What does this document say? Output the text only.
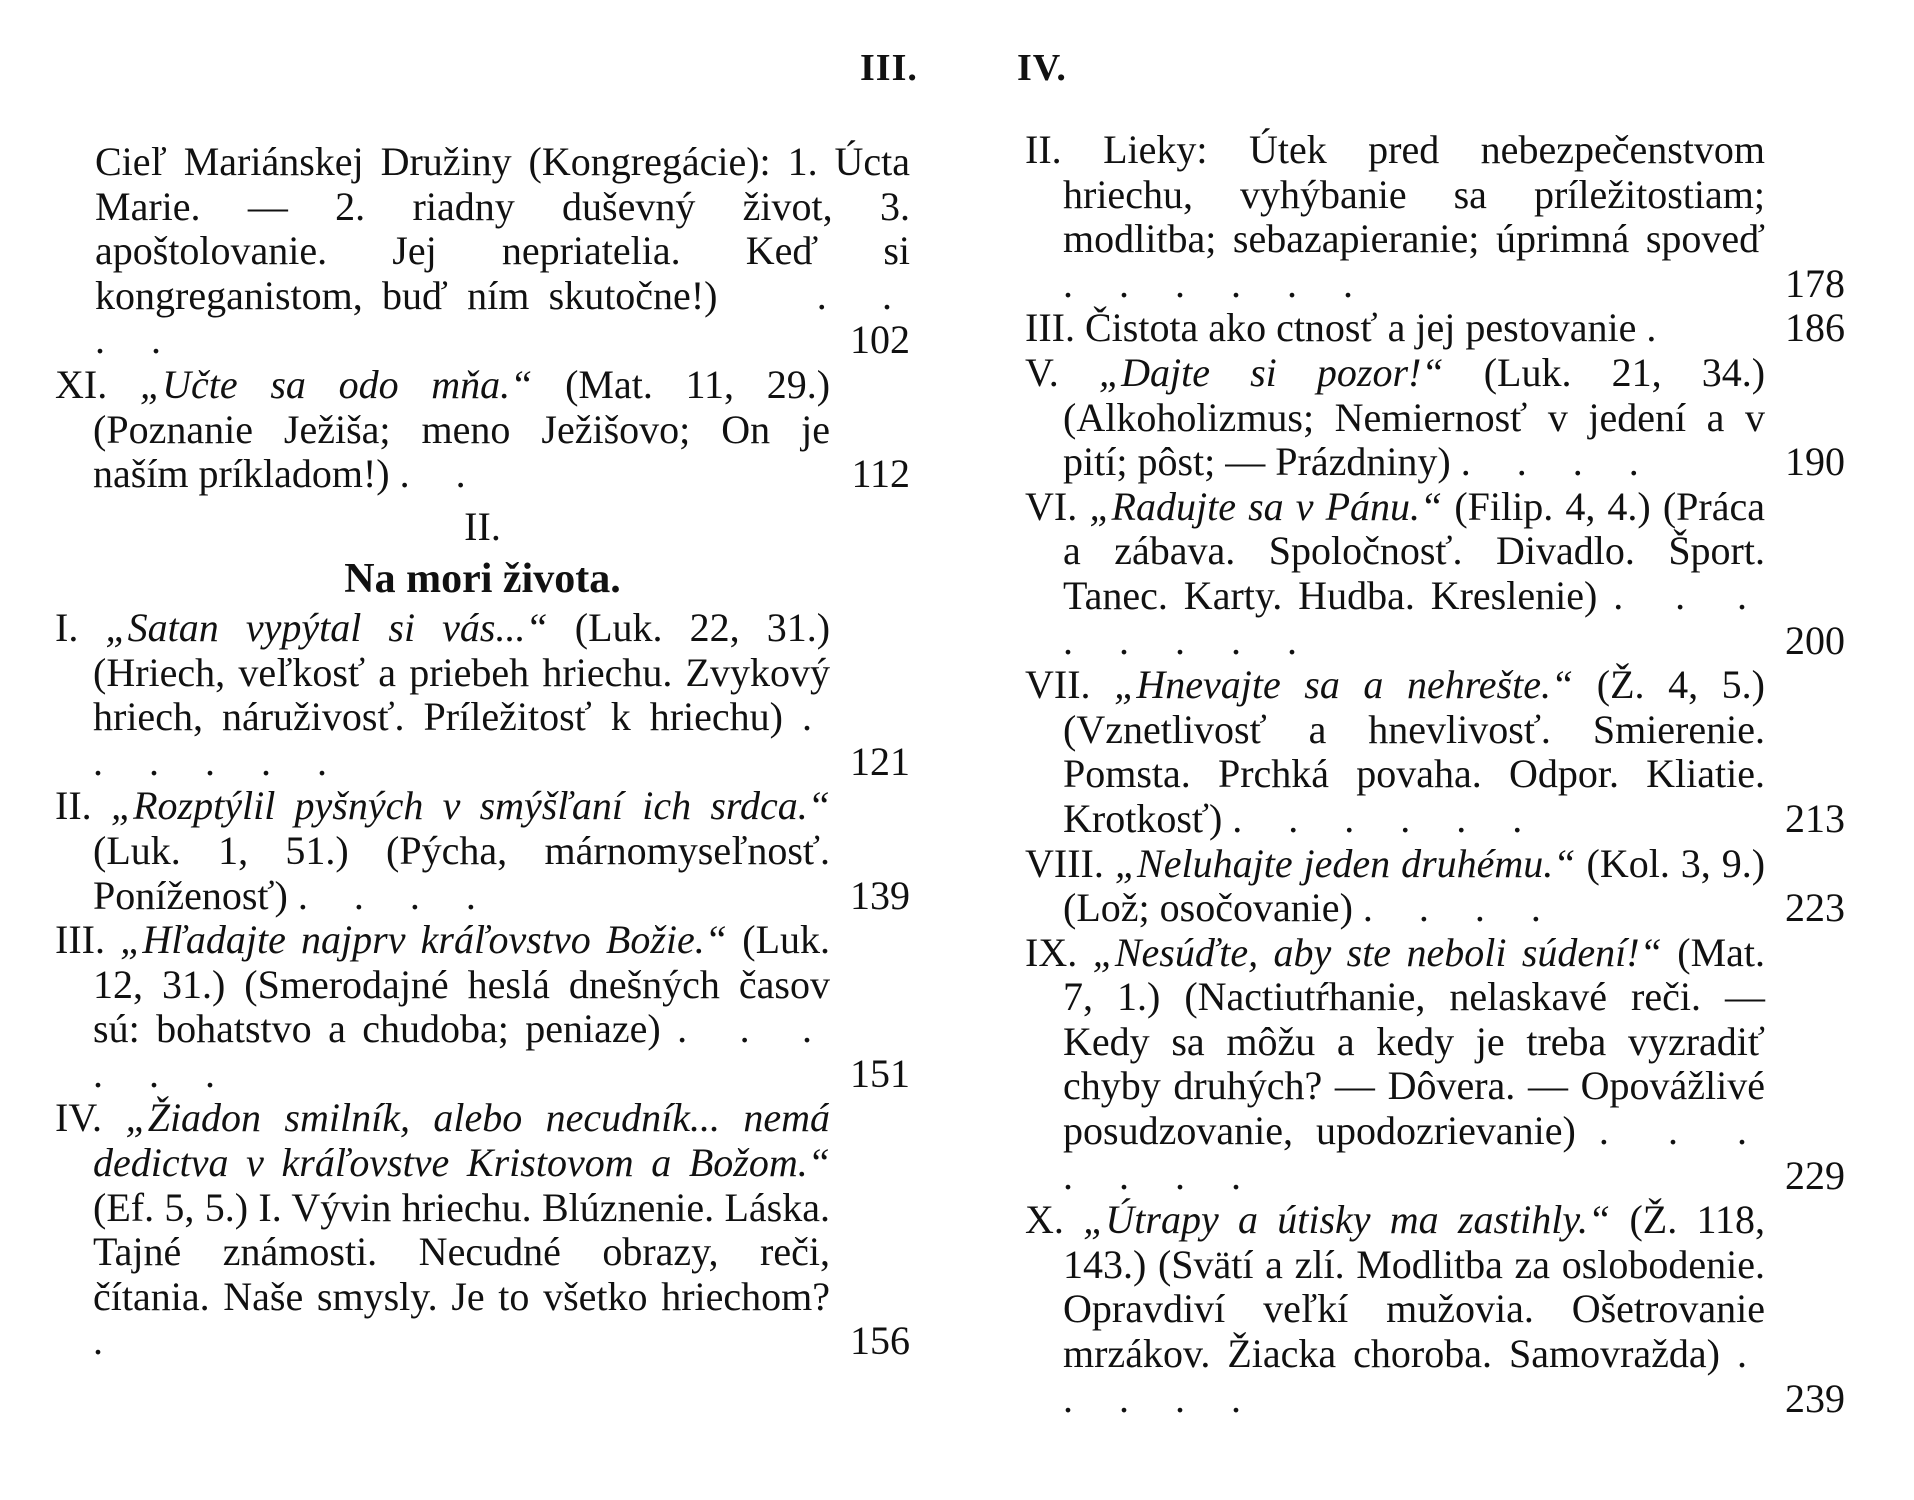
III.
Cieľ Mariánskej Družiny (Kongregácie): 1. Úcta Marie. — 2. riadny duševný život, 3. apoštolovanie. Jej nepriatelia. Keď si kongreganistom, buď ním skutočne!) . . . .	102
XI. „Učte sa odo mňa.“ (Mat. 11, 29.) (Poznanie Ježiša; meno Ježišovo; On je naším príkladom!) . .	112
II.
Na mori života.
I. „Satan vypýtal si vás...“ (Luk. 22, 31.) (Hriech, veľkosť a priebeh hriechu. Zvykový hriech, náruživosť. Príležitosť k hriechu) . . . . . .	121
II. „Rozptýlil pyšných v smýšľaní ich srdca.“ (Luk. 1, 51.) (Pýcha, márnomyseľnosť. Poníženosť) . . . .	139
III. „Hľadajte najprv kráľovstvo Božie.“ (Luk. 12, 31.) (Smerodajné heslá dnešných časov sú: bohatstvo a chudoba; peniaze) . . . . . .	151
IV. „Žiadon smilník, alebo necudník... nemá dedictva v kráľovstve Kristovom a Božom.“ (Ef. 5, 5.) I. Vývin hriechu. Blúznenie. Láska. Tajné známosti. Necudné obrazy, reči, čítania. Naše smysly. Je to všetko hriechom? .	156
IV.
II. Lieky: Útek pred nebezpečenstvom hriechu, vyhýbanie sa príležitostiam; modlitba; sebazapieranie; úprimná spoveď . . . . . .	178
III. Čistota ako ctnosť a jej pestovanie .	186
V. „Dajte si pozor!“ (Luk. 21, 34.) (Alkoholizmus; Nemiernosť v jedení a v pití; pôst; — Prázdniny) . . . .	190
VI. „Radujte sa v Pánu.“ (Filip. 4, 4.) (Práca a zábava. Spoločnosť. Divadlo. Šport. Tanec. Karty. Hudba. Kreslenie) . . . . . . . .	200
VII. „Hnevajte sa a nehrešte.“ (Ž. 4, 5.) (Vznetlivosť a hnevlivosť. Smierenie. Pomsta. Prchká povaha. Odpor. Kliatie. Krotkosť) . . . . . .	213
VIII. „Neluhajte jeden druhému.“ (Kol. 3, 9.) (Lož; osočovanie) . . . .	223
IX. „Nesúďte, aby ste neboli súdení!“ (Mat. 7, 1.) (Nactiutŕhanie, nelaskavé reči. — Kedy sa môžu a kedy je treba vyzradiť chyby druhých? — Dôvera. — Opovážlivé posudzovanie, upodozrievanie) . . . . . . .	229
X. „Útrapy a útisky ma zastihly.“ (Ž. 118, 143.) (Svätí a zlí. Modlitba za oslobodenie. Opravdiví veľkí mužovia. Ošetrovanie mrzákov. Žiacka choroba. Samovražda) . . . . .	239
